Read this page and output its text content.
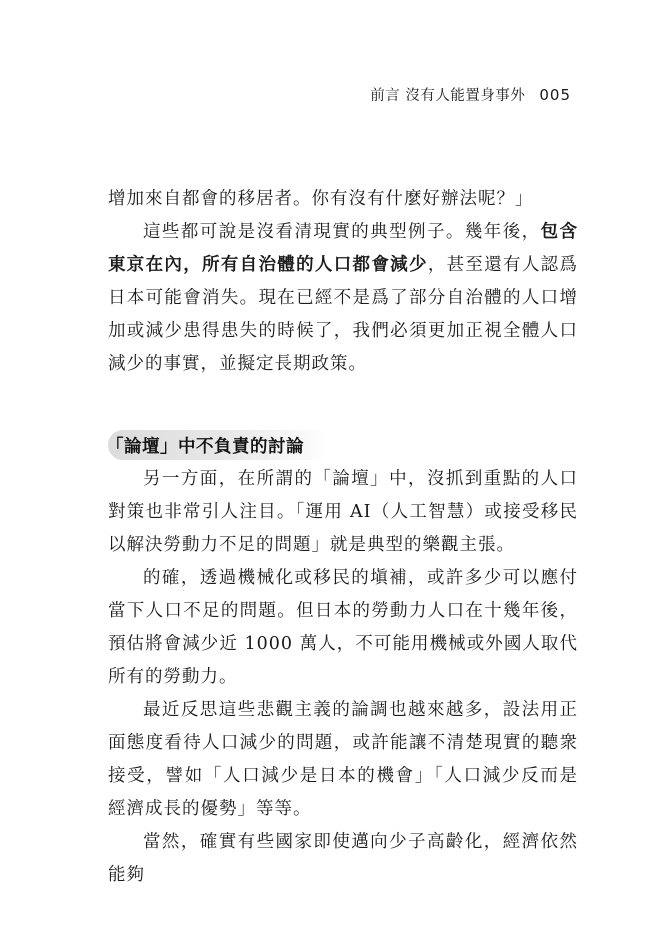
前言 沒有人能置身事外 005

增加來自都會的移居者。你有沒有什麼好辦法呢？」

這些都可說是沒看清現實的典型例子。幾年後，包含東京在內，所有自治體的人口都會減少，甚至還有人認爲日本可能會消失。現在已經不是爲了部分自治體的人口增加或減少患得患失的時候了，我們必須更加正視全體人口減少的事實，並擬定長期政策。

「論壇」中不負責的討論

另一方面，在所謂的「論壇」中，沒抓到重點的人口對策也非常引人注目。「運用 AI（人工智慧）或接受移民以解決勞動力不足的問題」就是典型的樂觀主張。

的確，透過機械化或移民的塡補，或許多少可以應付當下人口不足的問題。但日本的勞動力人口在十幾年後，預估將會減少近 1000 萬人，不可能用機械或外國人取代所有的勞動力。

最近反思這些悲觀主義的論調也越來越多，設法用正面態度看待人口減少的問題，或許能讓不清楚現實的聽衆接受，譬如「人口減少是日本的機會」「人口減少反而是經濟成長的優勢」等等。

當然，確實有些國家即使邁向少子高齡化，經濟依然能夠
